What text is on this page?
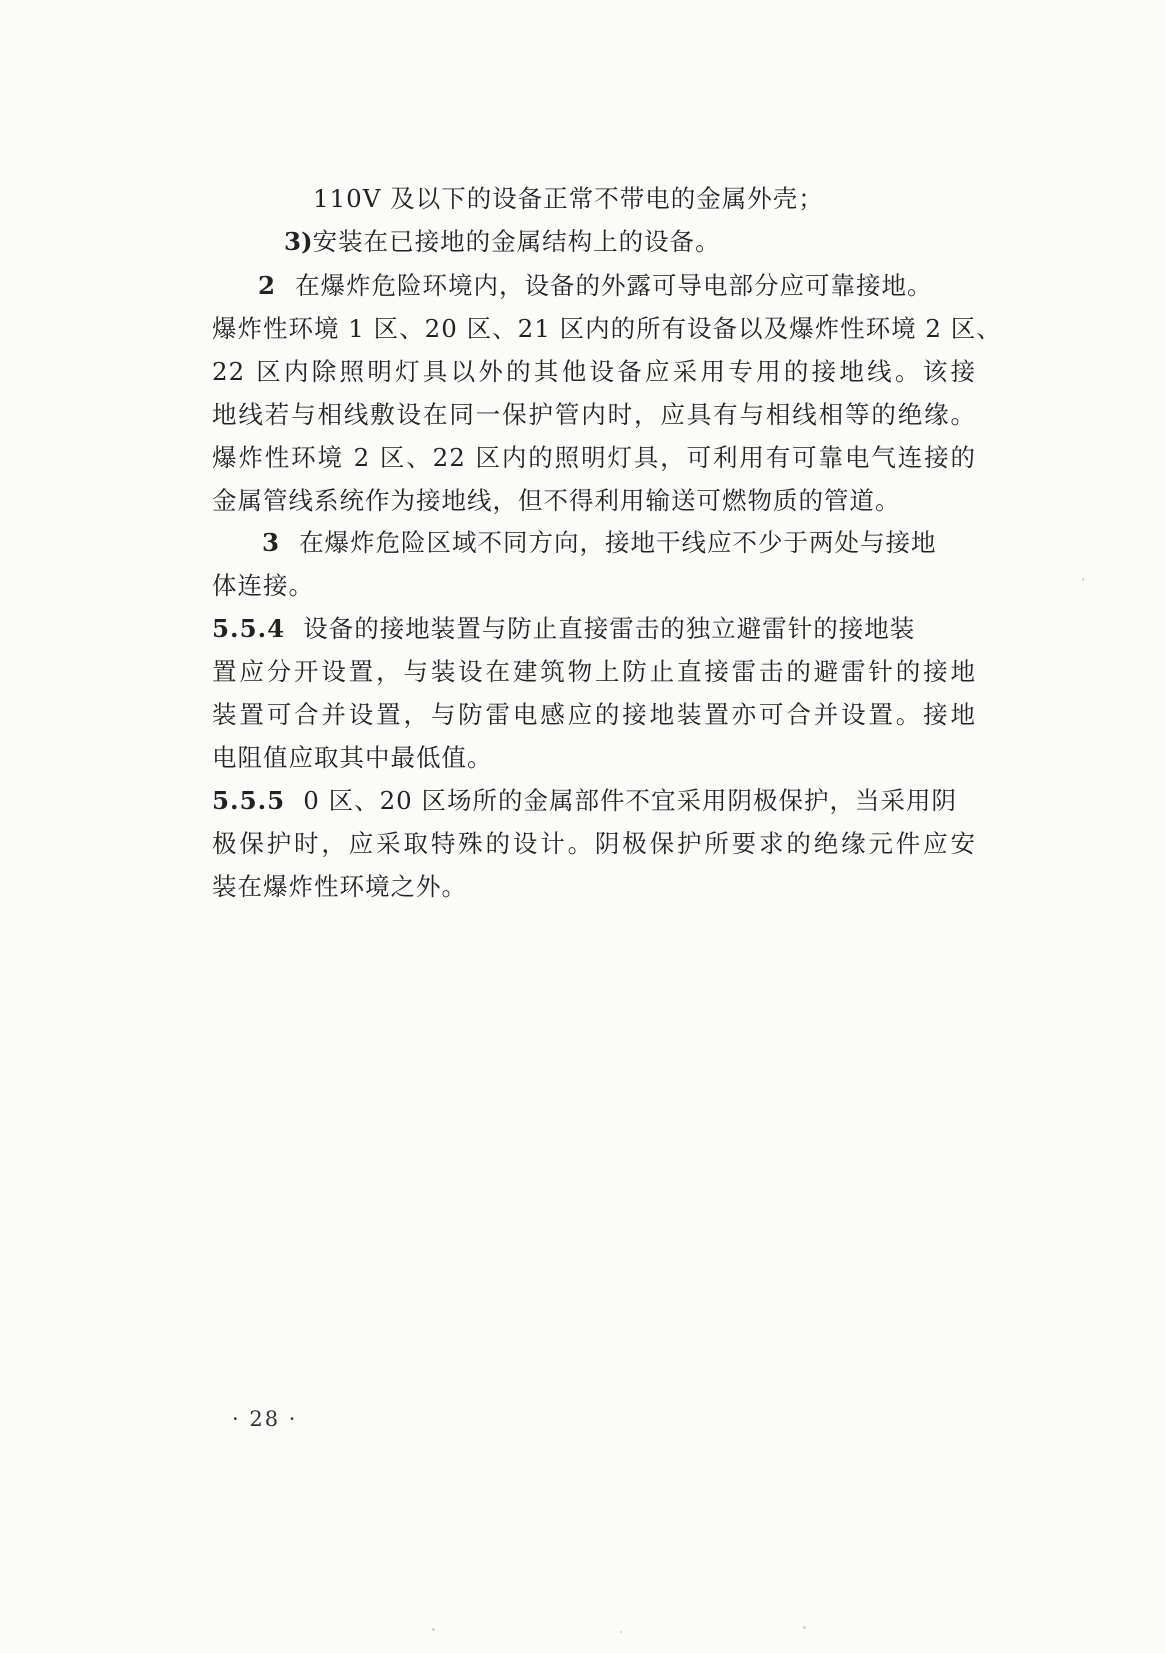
110V 及以下的设备正常不带电的金属外壳；
3)安装在已接地的金属结构上的设备。
2 在爆炸危险环境内，设备的外露可导电部分应可靠接地。
爆炸性环境 1 区、20 区、21 区内的所有设备以及爆炸性环境 2 区、
22 区内除照明灯具以外的其他设备应采用专用的接地线。该接
地线若与相线敷设在同一保护管内时，应具有与相线相等的绝缘。
爆炸性环境 2 区、22 区内的照明灯具，可利用有可靠电气连接的
金属管线系统作为接地线，但不得利用输送可燃物质的管道。
3 在爆炸危险区域不同方向，接地干线应不少于两处与接地
体连接。
5.5.4 设备的接地装置与防止直接雷击的独立避雷针的接地装
置应分开设置，与装设在建筑物上防止直接雷击的避雷针的接地
装置可合并设置，与防雷电感应的接地装置亦可合并设置。接地
电阻值应取其中最低值。
5.5.5 0 区、20 区场所的金属部件不宜采用阴极保护，当采用阴
极保护时，应采取特殊的设计。阴极保护所要求的绝缘元件应安
装在爆炸性环境之外。
· 28 ·
